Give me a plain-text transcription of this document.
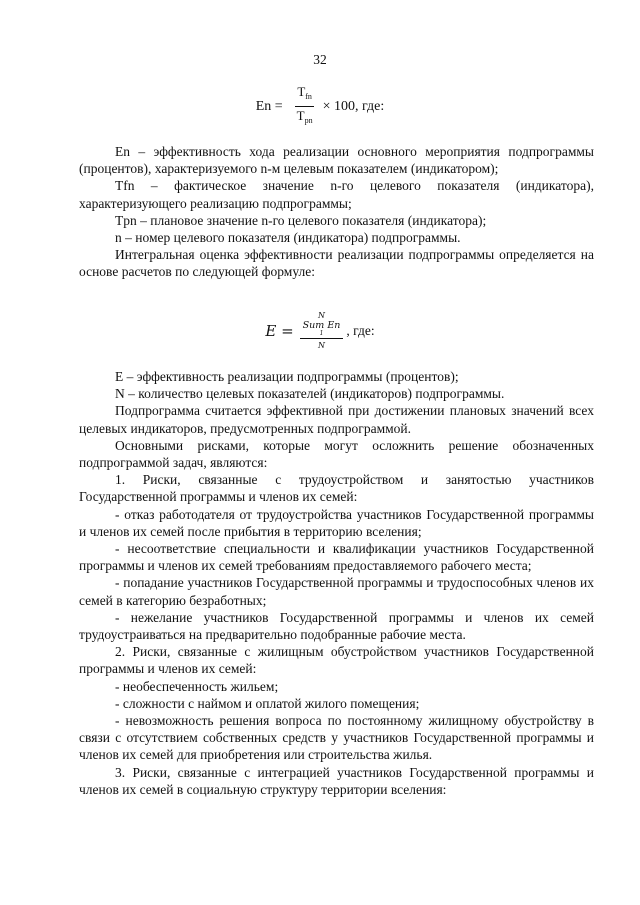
32
$En = \frac{T_{fn}}{T_{pn}} \times 100$, где:

En – эффективность хода реализации основного мероприятия подпрограммы (процентов), характеризуемого n-м целевым показателем (индикатором);

Tfn – фактическое значение n-го целевого показателя (индикатора), характеризующего реализацию подпрограммы;

Tpn – плановое значение n-го целевого показателя (индикатора);

n – номер целевого показателя (индикатора) подпрограммы.

Интегральная оценка эффективности реализации подпрограммы определяется на основе расчетов по следующей формуле:

E = N
Sum En
1
N , где:

E – эффективность реализации подпрограммы (процентов);

N – количество целевых показателей (индикаторов) подпрограммы.

Подпрограмма считается эффективной при достижении плановых значений всех целевых индикаторов, предусмотренных подпрограммой.

Основными рисками, которые могут осложнить решение обозначенных подпрограммой задач, являются:

1. Риски, связанные с трудоустройством и занятостью участников Государственной программы и членов их семей:

- отказ работодателя от трудоустройства участников Государственной программы и членов их семей после прибытия в территорию вселения;

- несоответствие специальности и квалификации участников Государственной программы и членов их семей требованиям предоставляемого рабочего места;

- попадание участников Государственной программы и трудоспособных членов их семей в категорию безработных;

- нежелание участников Государственной программы и членов их семей трудоустраиваться на предварительно подобранные рабочие места.

2. Риски, связанные с жилищным обустройством участников Государственной программы и членов их семей:

- необеспеченность жильем;

- сложности с наймом и оплатой жилого помещения;

- невозможность решения вопроса по постоянному жилищному обустройству в связи с отсутствием собственных средств у участников Государственной программы и членов их семей для приобретения или строительства жилья.

3. Риски, связанные с интеграцией участников Государственной программы и членов их семей в социальную структуру территории вселения:
